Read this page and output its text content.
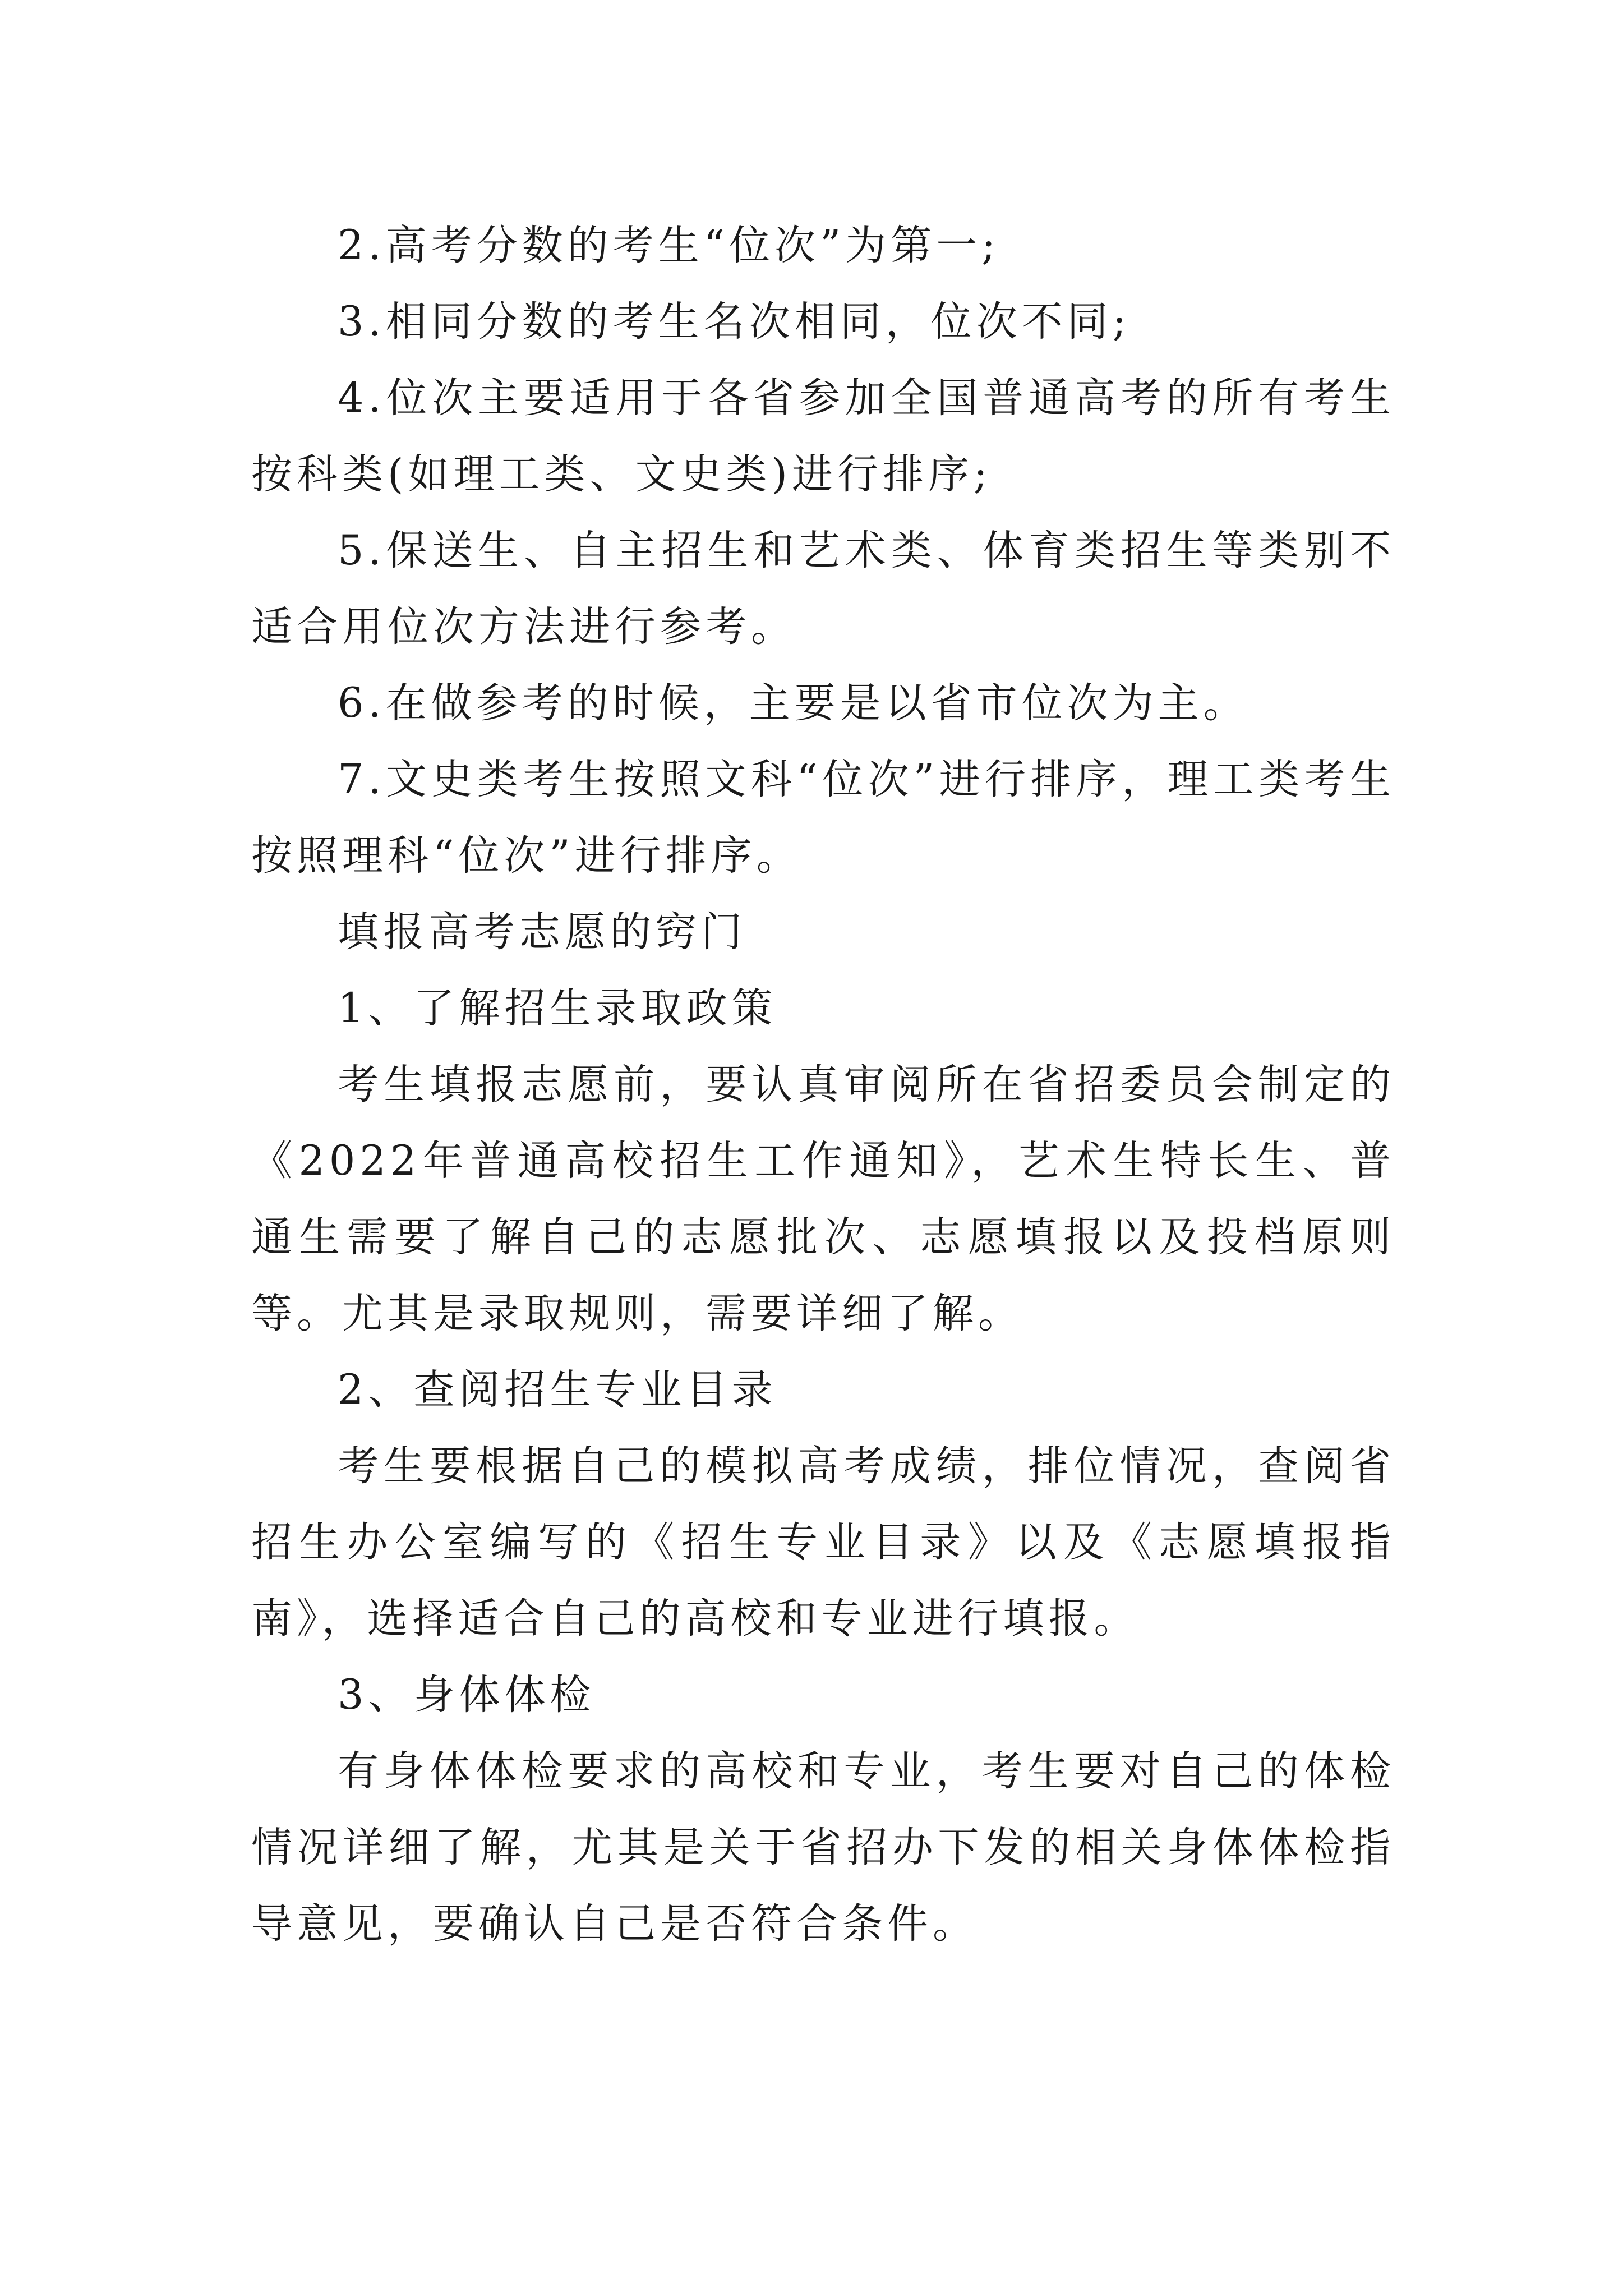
2.高考分数的考生“位次”为第一;

3.相同分数的考生名次相同，位次不同;

4.位次主要适用于各省参加全国普通高考的所有考生按科类(如理工类、文史类)进行排序;

5.保送生、自主招生和艺术类、体育类招生等类别不适合用位次方法进行参考。

6.在做参考的时候，主要是以省市位次为主。

7.文史类考生按照文科“位次”进行排序，理工类考生按照理科“位次”进行排序。

填报高考志愿的窍门

1、了解招生录取政策

考生填报志愿前，要认真审阅所在省招委员会制定的《2022年普通高校招生工作通知》，艺术生特长生、普通生需要了解自己的志愿批次、志愿填报以及投档原则等。尤其是录取规则，需要详细了解。

2、查阅招生专业目录

考生要根据自己的模拟高考成绩，排位情况，查阅省招生办公室编写的《招生专业目录》以及《志愿填报指南》，选择适合自己的高校和专业进行填报。

3、身体体检

有身体体检要求的高校和专业，考生要对自己的体检情况详细了解，尤其是关于省招办下发的相关身体体检指导意见，要确认自己是否符合条件。
